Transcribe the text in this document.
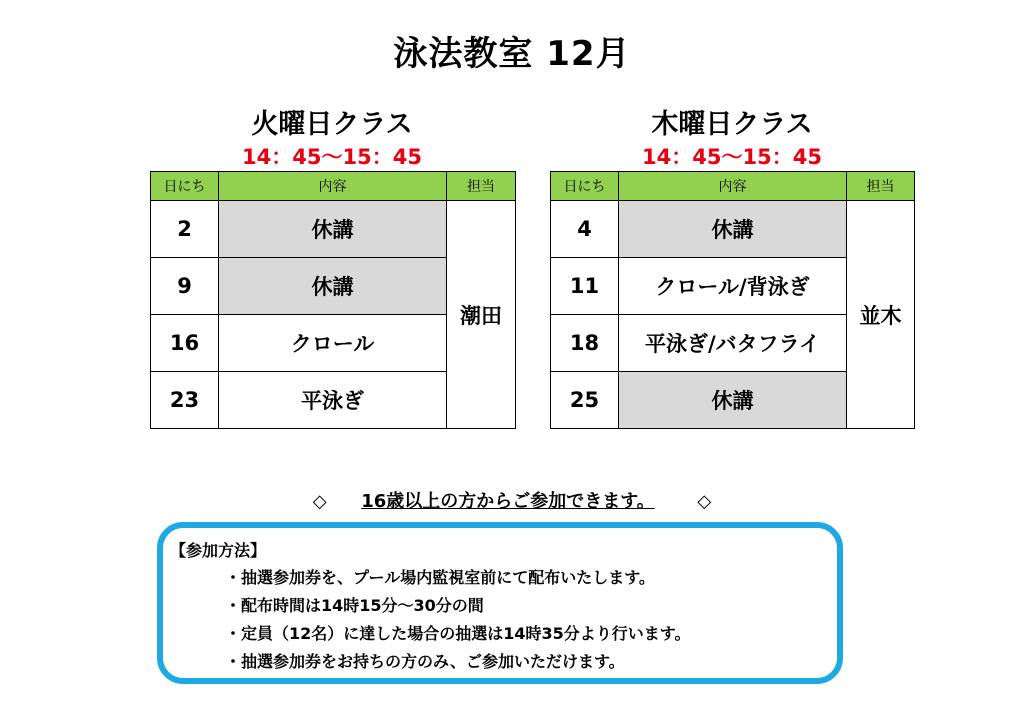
泳法教室 12月
火曜日クラス
14：45～15：45
日にち	内容	担当
2	休講	潮田
9	休講	
16	クロール	
23	平泳ぎ	
木曜日クラス
14：45～15：45
日にち	内容	担当
4	休講	並木
11	クロール/背泳ぎ	
18	平泳ぎ/バタフライ	
25	休講	
◇ 16歳以上の方からご参加できます。 ◇
【参加方法】
・抽選参加券を、プール場内監視室前にて配布いたします。
・配布時間は14時15分～30分の間
・定員（12名）に達した場合の抽選は14時35分より行います。
・抽選参加券をお持ちの方のみ、ご参加いただけます。
